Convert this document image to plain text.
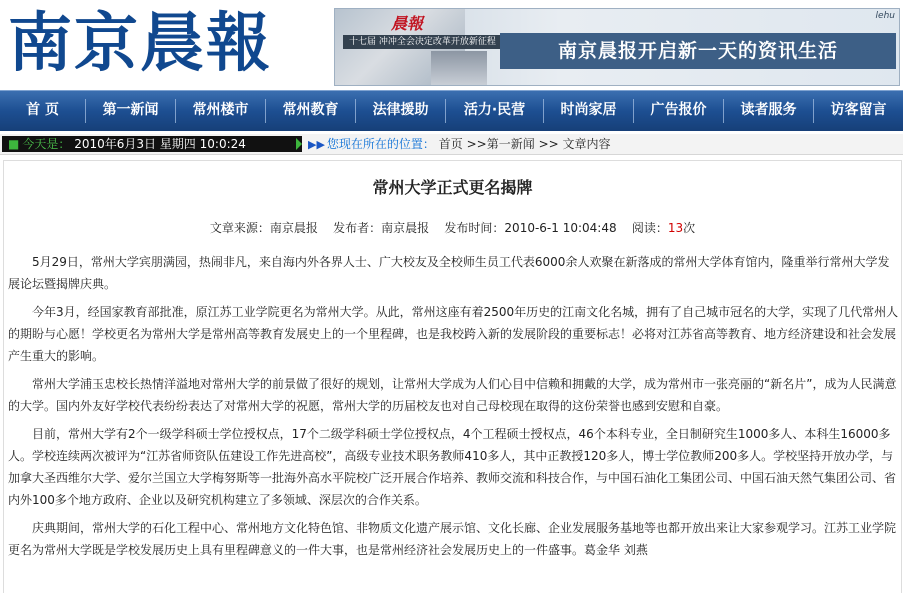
南京晨報	晨報
十七届 冲冲全会决定改革开放新征程	南京晨报开启新一天的资讯生活
lehu
首 页	第一新闻	常州楼市	常州教育	法律援助	活力·民营	时尚家居	广告报价	读者服务	访客留言
■ 今天是： 2010年6月3日 星期四 10:0:24	▶▶ 您现在所在的位置： 首页 >>第一新闻 >> 文章内容
常州大学正式更名揭牌
文章来源：南京晨报 发布者：南京晨报 发布时间：2010-6-1 10:04:48 阅读：13次

5月29日，常州大学宾朋满园，热闹非凡，来自海内外各界人士、广大校友及全校师生员工代表6000余人欢聚在新落成的常州大学体育馆内，隆重举行常州大学发展论坛暨揭牌庆典。

今年3月，经国家教育部批准，原江苏工业学院更名为常州大学。从此，常州这座有着2500年历史的江南文化名城，拥有了自己城市冠名的大学，实现了几代常州人的期盼与心愿！学校更名为常州大学是常州高等教育发展史上的一个里程碑，也是我校跨入新的发展阶段的重要标志！必将对江苏省高等教育、地方经济建设和社会发展产生重大的影响。

常州大学浦玉忠校长热情洋溢地对常州大学的前景做了很好的规划，让常州大学成为人们心目中信赖和拥戴的大学，成为常州市一张亮丽的“新名片”，成为人民满意的大学。国内外友好学校代表纷纷表达了对常州大学的祝愿，常州大学的历届校友也对自己母校现在取得的这份荣誉也感到安慰和自豪。

目前，常州大学有2个一级学科硕士学位授权点，17个二级学科硕士学位授权点，4个工程硕士授权点，46个本科专业，全日制研究生1000多人、本科生16000多人。学校连续两次被评为“江苏省师资队伍建设工作先进高校”，高级专业技术职务教师410多人，其中正教授120多人，博士学位教师200多人。学校坚持开放办学，与加拿大圣西维尔大学、爱尔兰国立大学梅努斯等一批海外高水平院校广泛开展合作培养、教师交流和科技合作，与中国石油化工集团公司、中国石油天然气集团公司、省内外100多个地方政府、企业以及研究机构建立了多领域、深层次的合作关系。

庆典期间，常州大学的石化工程中心、常州地方文化特色馆、非物质文化遗产展示馆、文化长廊、企业发展服务基地等也都开放出来让大家参观学习。江苏工业学院更名为常州大学既是学校发展历史上具有里程碑意义的一件大事，也是常州经济社会发展历史上的一件盛事。葛金华 刘燕
